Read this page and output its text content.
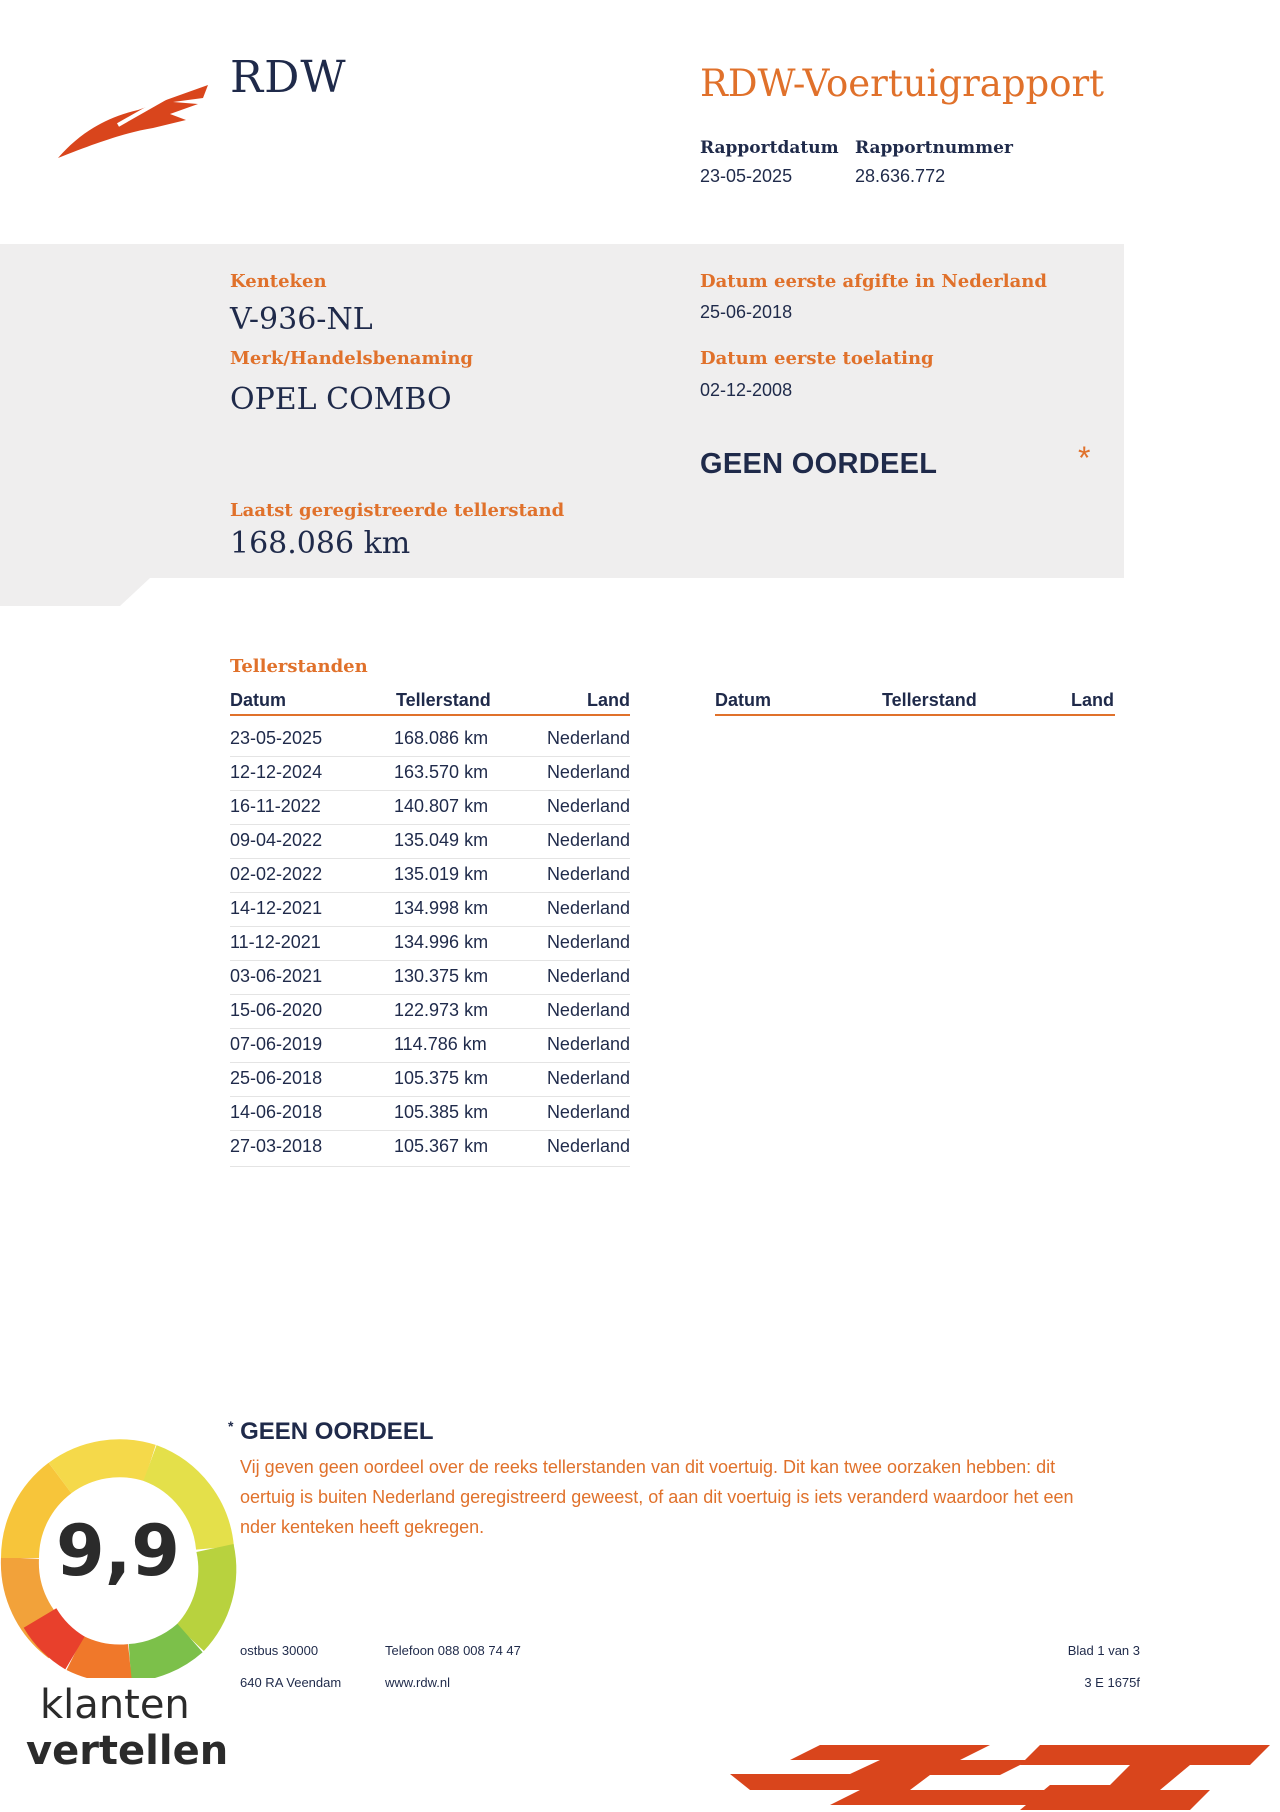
RDW	RDW-Voertuigrapport
Rapportdatum
23-05-2025
Rapportnummer
28.636.772
Kenteken
V-936-NL
Merk/Handelsbenaming
OPEL COMBO
Laatst geregistreerde tellerstand
168.086 km
Datum eerste afgifte in Nederland
25-06-2018
Datum eerste toelating
02-12-2008
GEEN OORDEEL	*
Tellerstanden
Datum	Tellerstand	Land	Datum	Tellerstand	Land
23-05-2025	168.086 km	Nederland
12-12-2024	163.570 km	Nederland
16-11-2022	140.807 km	Nederland
09-04-2022	135.049 km	Nederland
02-02-2022	135.019 km	Nederland
14-12-2021	134.998 km	Nederland
11-12-2021	134.996 km	Nederland
03-06-2021	130.375 km	Nederland
15-06-2020	122.973 km	Nederland
07-06-2019	114.786 km	Nederland
25-06-2018	105.375 km	Nederland
14-06-2018	105.385 km	Nederland
27-03-2018	105.367 km	Nederland
* GEEN OORDEEL
Vij geven geen oordeel over de reeks tellerstanden van dit voertuig. Dit kan twee oorzaken hebben: dit
oertuig is buiten Nederland geregistreerd geweest, of aan dit voertuig is iets veranderd waardoor het een
nder kenteken heeft gekregen.
ostbus 30000
640 RA Veendam
Telefoon 088 008 74 47
www.rdw.nl
Blad 1 van 3
3 E 1675f
9,9
klanten
vertellen
